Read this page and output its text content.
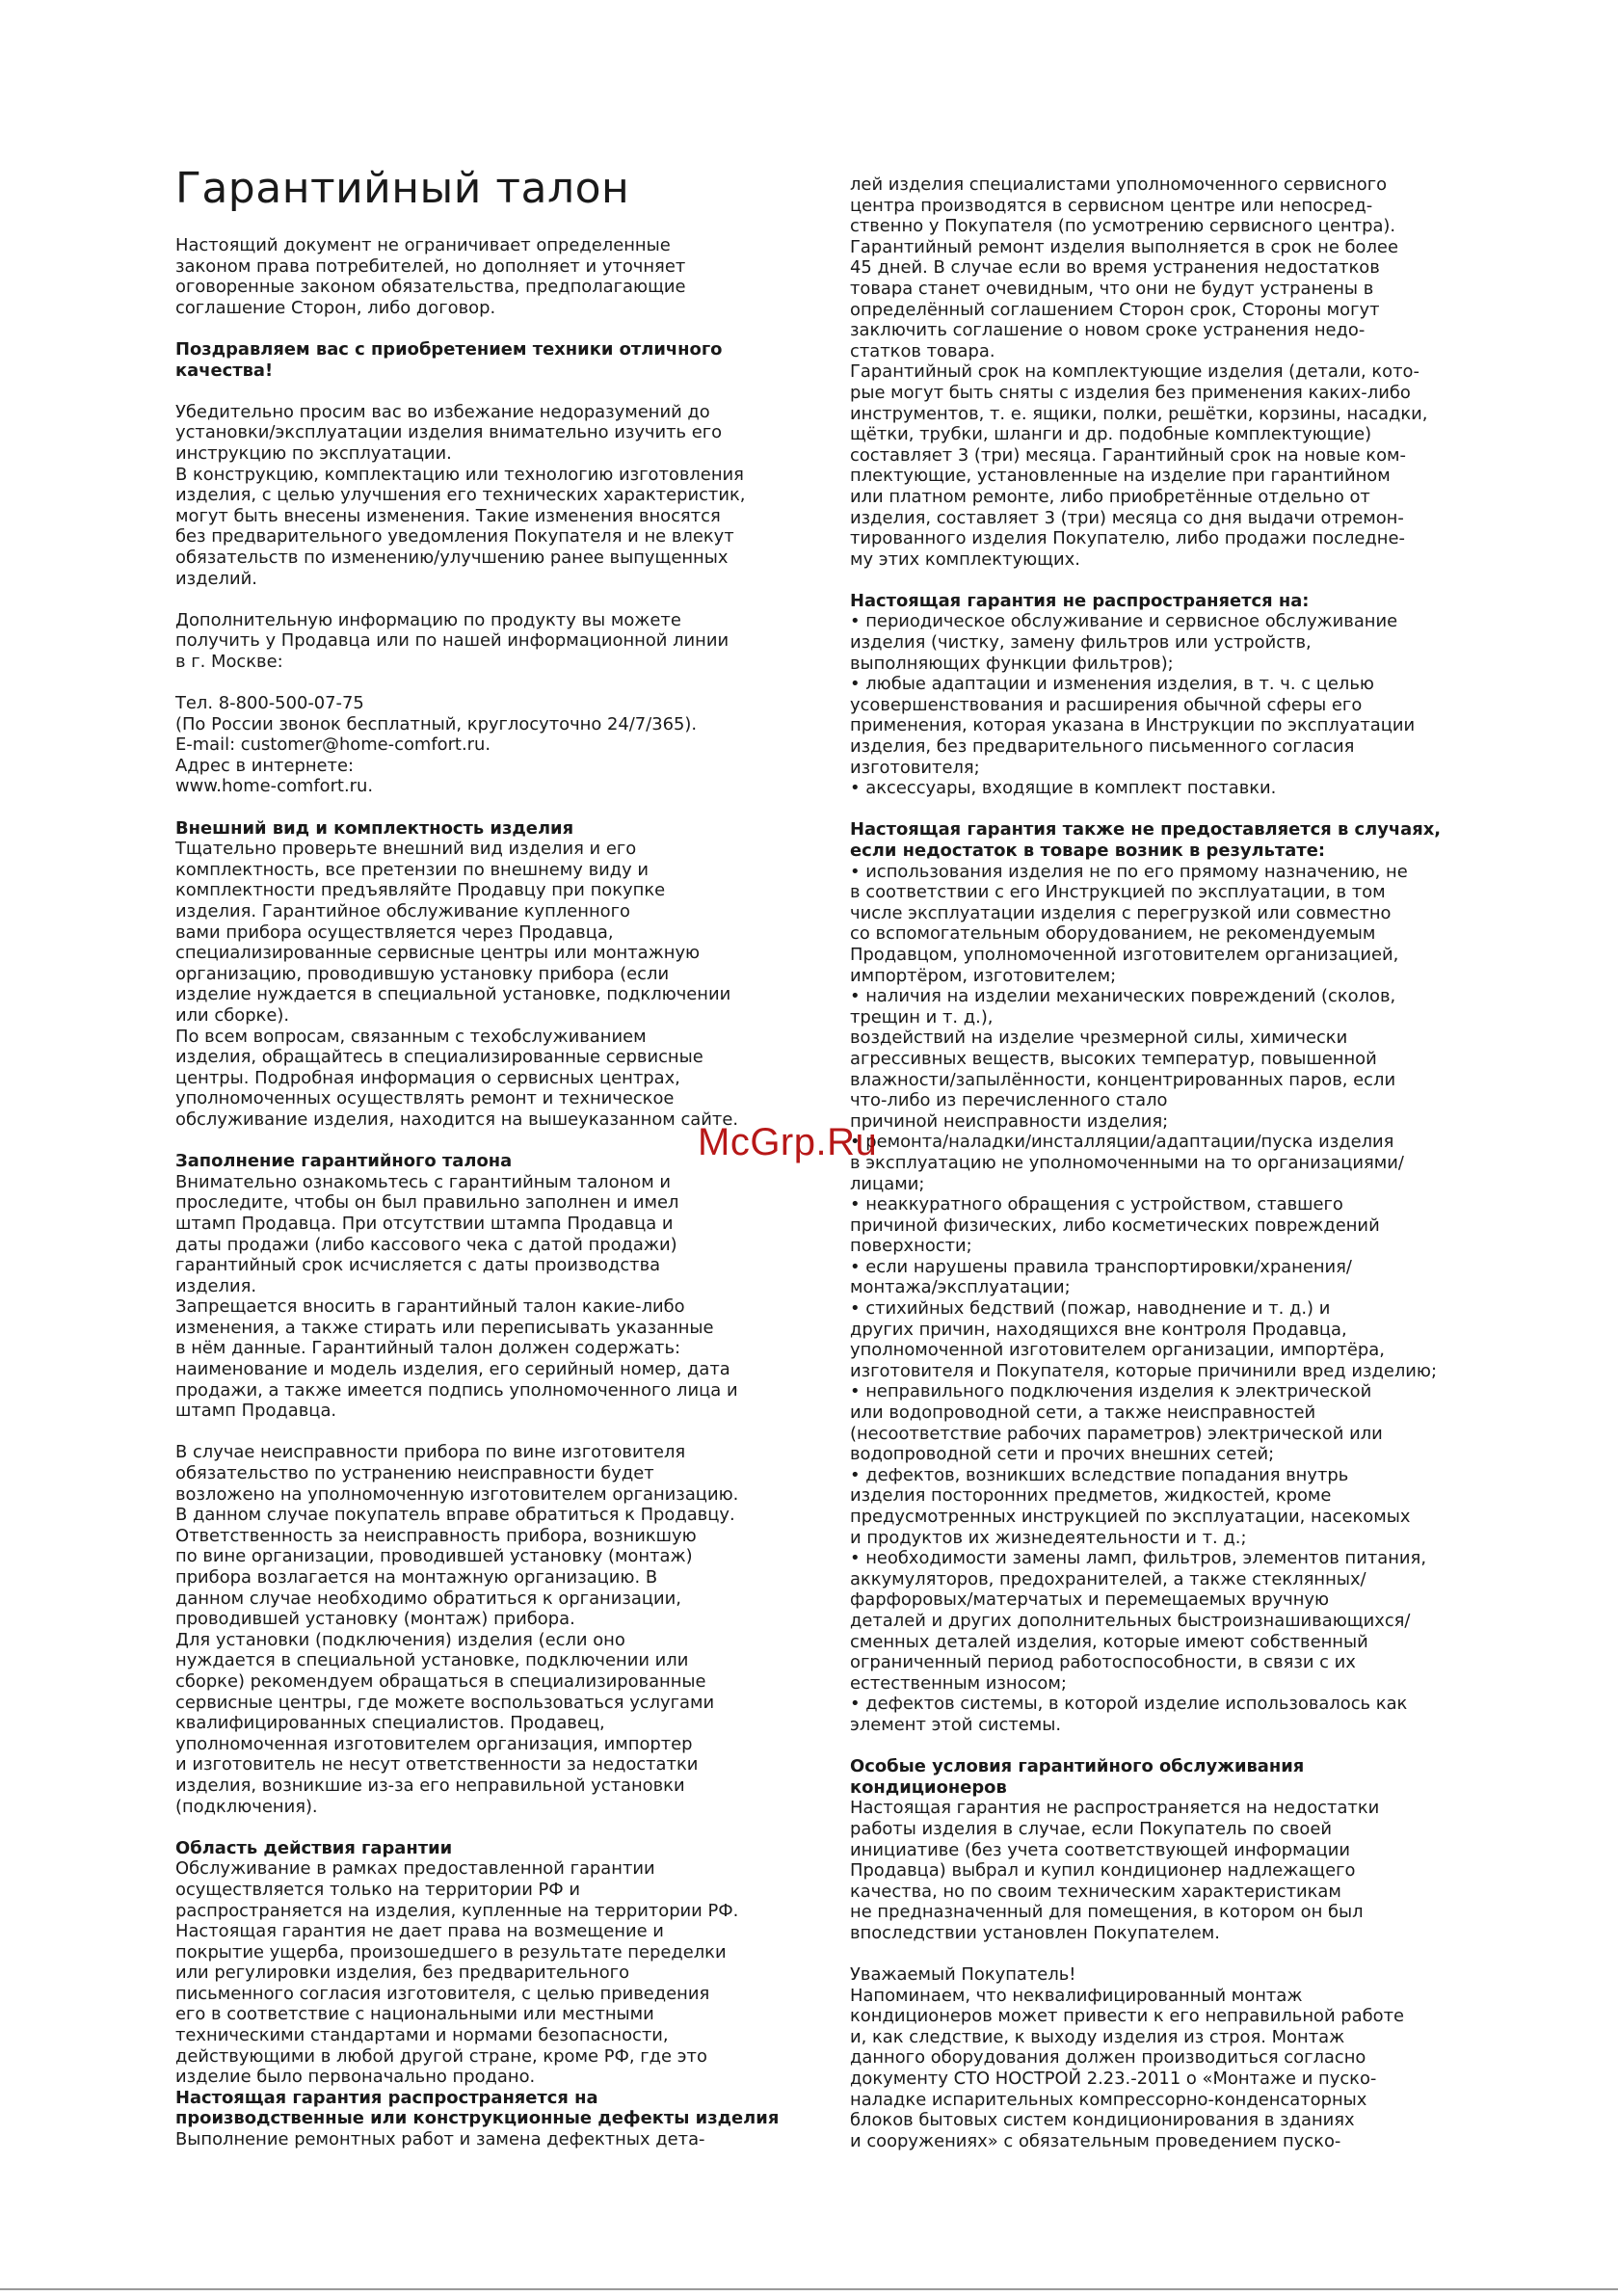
Гарантийный талон

Настоящий документ не ограничивает определенные

законом права потребителей, но дополняет и уточняет

оговоренные законом обязательства, предполагающие

соглашение Сторон, либо договор.

Поздравляем вас с приобретением техники отличного

качества!

Убедительно просим вас во избежание недоразумений до

установки/эксплуатации изделия внимательно изучить его

инструкцию по эксплуатации.

В конструкцию, комплектацию или технологию изготовления

изделия, с целью улучшения его технических характеристик,

могут быть внесены изменения. Такие изменения вносятся

без предварительного уведомления Покупателя и не влекут

обязательств по изменению/улучшению ранее выпущенных

изделий.

Дополнительную информацию по продукту вы можете

получить у Продавца или по нашей информационной линии

в г. Москве:

Тел. 8-800-500-07-75

(По России звонок бесплатный, круглосуточно 24/7/365).

E-mail: customer@home-comfort.ru.

Адрес в интернете:

www.home-comfort.ru.

Внешний вид и комплектность изделия

Тщательно проверьте внешний вид изделия и его

комплектность, все претензии по внешнему виду и

комплектности предъявляйте Продавцу при покупке

изделия. Гарантийное обслуживание купленного

вами прибора осуществляется через Продавца,

специализированные сервисные центры или монтажную

организацию, проводившую установку прибора (если

изделие нуждается в специальной установке, подключении

или сборке).

По всем вопросам, связанным с техобслуживанием

изделия, обращайтесь в специализированные сервисные

центры. Подробная информация о сервисных центрах,

уполномоченных осуществлять ремонт и техническое

обслуживание изделия, находится на вышеуказанном сайте.

Заполнение гарантийного талона

Внимательно ознакомьтесь с гарантийным талоном и

проследите, чтобы он был правильно заполнен и имел

штамп Продавца. При отсутствии штампа Продавца и

даты продажи (либо кассового чека с датой продажи)

гарантийный срок исчисляется с даты производства

изделия.

Запрещается вносить в гарантийный талон какие-либо

изменения, а также стирать или переписывать указанные

в нём данные. Гарантийный талон должен содержать:

наименование и модель изделия, его серийный номер, дата

продажи, а также имеется подпись уполномоченного лица и

штамп Продавца.

В случае неисправности прибора по вине изготовителя

обязательство по устранению неисправности будет

возложено на уполномоченную изготовителем организацию.

В данном случае покупатель вправе обратиться к Продавцу.

Ответственность за неисправность прибора, возникшую

по вине организации, проводившей установку (монтаж)

прибора возлагается на монтажную организацию. В

данном случае необходимо обратиться к организации,

проводившей установку (монтаж) прибора.

Для установки (подключения) изделия (если оно

нуждается в специальной установке, подключении или

сборке) рекомендуем обращаться в специализированные

сервисные центры, где можете воспользоваться услугами

квалифицированных специалистов. Продавец,

уполномоченная изготовителем организация, импортер

и изготовитель не несут ответственности за недостатки

изделия, возникшие из-за его неправильной установки

(подключения).

Область действия гарантии

Обслуживание в рамках предоставленной гарантии

осуществляется только на территории РФ и

распространяется на изделия, купленные на территории РФ.

Настоящая гарантия не дает права на возмещение и

покрытие ущерба, произошедшего в результате переделки

или регулировки изделия, без предварительного

письменного согласия изготовителя, с целью приведения

его в соответствие с национальными или местными

техническими стандартами и нормами безопасности,

действующими в любой другой стране, кроме РФ, где это

изделие было первоначально продано.

Настоящая гарантия распространяется на

производственные или конструкционные дефекты изделия

Выполнение ремонтных работ и замена дефектных дета-

лей изделия специалистами уполномоченного сервисного

центра производятся в сервисном центре или непосред-

ственно у Покупателя (по усмотрению сервисного центра).

Гарантийный ремонт изделия выполняется в срок не более

45 дней. В случае если во время устранения недостатков

товара станет очевидным, что они не будут устранены в

определённый соглашением Сторон срок, Стороны могут

заключить соглашение о новом сроке устранения недо-

статков товара.

Гарантийный срок на комплектующие изделия (детали, кото-

рые могут быть сняты с изделия без применения каких-либо

инструментов, т. е. ящики, полки, решётки, корзины, насадки,

щётки, трубки, шланги и др. подобные комплектующие)

составляет 3 (три) месяца. Гарантийный срок на новые ком-

плектующие, установленные на изделие при гарантийном

или платном ремонте, либо приобретённые отдельно от

изделия, составляет 3 (три) месяца со дня выдачи отремон-

тированного изделия Покупателю, либо продажи последне-

му этих комплектующих.

Настоящая гарантия не распространяется на:

• периодическое обслуживание и сервисное обслуживание

изделия (чистку, замену фильтров или устройств,

выполняющих функции фильтров);

• любые адаптации и изменения изделия, в т. ч. с целью

усовершенствования и расширения обычной сферы его

применения, которая указана в Инструкции по эксплуатации

изделия, без предварительного письменного согласия

изготовителя;

• аксессуары, входящие в комплект поставки.

Настоящая гарантия также не предоставляется в случаях,

если недостаток в товаре возник в результате:

• использования изделия не по его прямому назначению, не

в соответствии с его Инструкцией по эксплуатации, в том

числе эксплуатации изделия с перегрузкой или совместно

со вспомогательным оборудованием, не рекомендуемым

Продавцом, уполномоченной изготовителем организацией,

импортёром, изготовителем;

• наличия на изделии механических повреждений (сколов,

трещин и т. д.),

воздействий на изделие чрезмерной силы, химически

агрессивных веществ, высоких температур, повышенной

влажности/запылённости, концентрированных паров, если

что-либо из перечисленного стало

причиной неисправности изделия;

• ремонта/наладки/инсталляции/адаптации/пуска изделия

в эксплуатацию не уполномоченными на то организациями/

лицами;

• неаккуратного обращения с устройством, ставшего

причиной физических, либо косметических повреждений

поверхности;

• если нарушены правила транспортировки/хранения/

монтажа/эксплуатации;

• стихийных бедствий (пожар, наводнение и т. д.) и

других причин, находящихся вне контроля Продавца,

уполномоченной изготовителем организации, импортёра,

изготовителя и Покупателя, которые причинили вред изделию;

• неправильного подключения изделия к электрической

или водопроводной сети, а также неисправностей

(несоответствие рабочих параметров) электрической или

водопроводной сети и прочих внешних сетей;

• дефектов, возникших вследствие попадания внутрь

изделия посторонних предметов, жидкостей, кроме

предусмотренных инструкцией по эксплуатации, насекомых

и продуктов их жизнедеятельности и т. д.;

• необходимости замены ламп, фильтров, элементов питания,

аккумуляторов, предохранителей, а также стеклянных/

фарфоровых/матерчатых и перемещаемых вручную

деталей и других дополнительных быстроизнашивающихся/

сменных деталей изделия, которые имеют собственный

ограниченный период работоспособности, в связи с их

естественным износом;

• дефектов системы, в которой изделие использовалось как

элемент этой системы.

Особые условия гарантийного обслуживания

кондиционеров

Настоящая гарантия не распространяется на недостатки

работы изделия в случае, если Покупатель по своей

инициативе (без учета соответствующей информации

Продавца) выбрал и купил кондиционер надлежащего

качества, но по своим техническим характеристикам

не предназначенный для помещения, в котором он был

впоследствии установлен Покупателем.

Уважаемый Покупатель!

Напоминаем, что неквалифицированный монтаж

кондиционеров может привести к его неправильной работе

и, как следствие, к выходу изделия из строя. Монтаж

данного оборудования должен производиться согласно

документу СТО НОСТРОЙ 2.23.-2011 о «Монтаже и пуско-

наладке испарительных компрессорно-конденсаторных

блоков бытовых систем кондиционирования в зданиях

и сооружениях» с обязательным проведением пуско-

McGrp.Ru
